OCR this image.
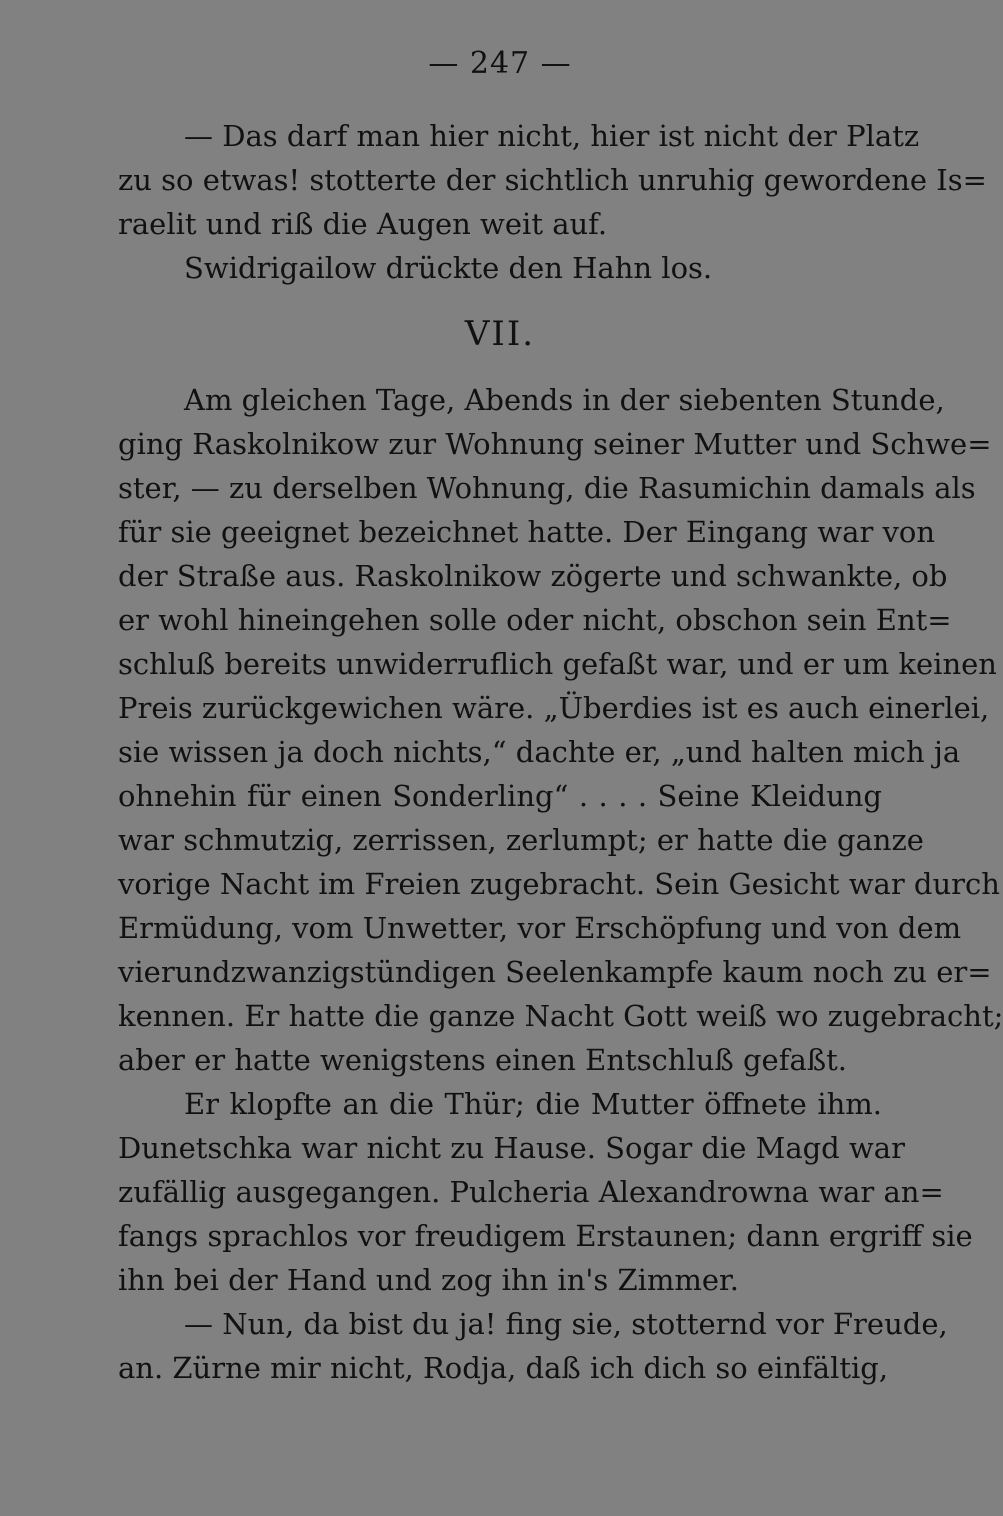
— 247 —
— Das darf man hier nicht, hier ist nicht der Platz
zu so etwas! stotterte der sichtlich unruhig gewordene Is=
raelit und riß die Augen weit auf.
Swidrigailow drückte den Hahn los.
VII.
Am gleichen Tage, Abends in der siebenten Stunde,
ging Raskolnikow zur Wohnung seiner Mutter und Schwe=
ster, — zu derselben Wohnung, die Rasumichin damals als
für sie geeignet bezeichnet hatte. Der Eingang war von
der Straße aus. Raskolnikow zögerte und schwankte, ob
er wohl hineingehen solle oder nicht, obschon sein Ent=
schluß bereits unwiderruflich gefaßt war, und er um keinen
Preis zurückgewichen wäre. „Überdies ist es auch einerlei,
sie wissen ja doch nichts,“ dachte er, „und halten mich ja
ohnehin für einen Sonderling“ . . . . Seine Kleidung
war schmutzig, zerrissen, zerlumpt; er hatte die ganze
vorige Nacht im Freien zugebracht. Sein Gesicht war durch
Ermüdung, vom Unwetter, vor Erschöpfung und von dem
vierundzwanzigstündigen Seelenkampfe kaum noch zu er=
kennen. Er hatte die ganze Nacht Gott weiß wo zugebracht;
aber er hatte wenigstens einen Entschluß gefaßt.
Er klopfte an die Thür; die Mutter öffnete ihm.
Dunetschka war nicht zu Hause. Sogar die Magd war
zufällig ausgegangen. Pulcheria Alexandrowna war an=
fangs sprachlos vor freudigem Erstaunen; dann ergriff sie
ihn bei der Hand und zog ihn in's Zimmer.
— Nun, da bist du ja! fing sie, stotternd vor Freude,
an. Zürne mir nicht, Rodja, daß ich dich so einfältig,
